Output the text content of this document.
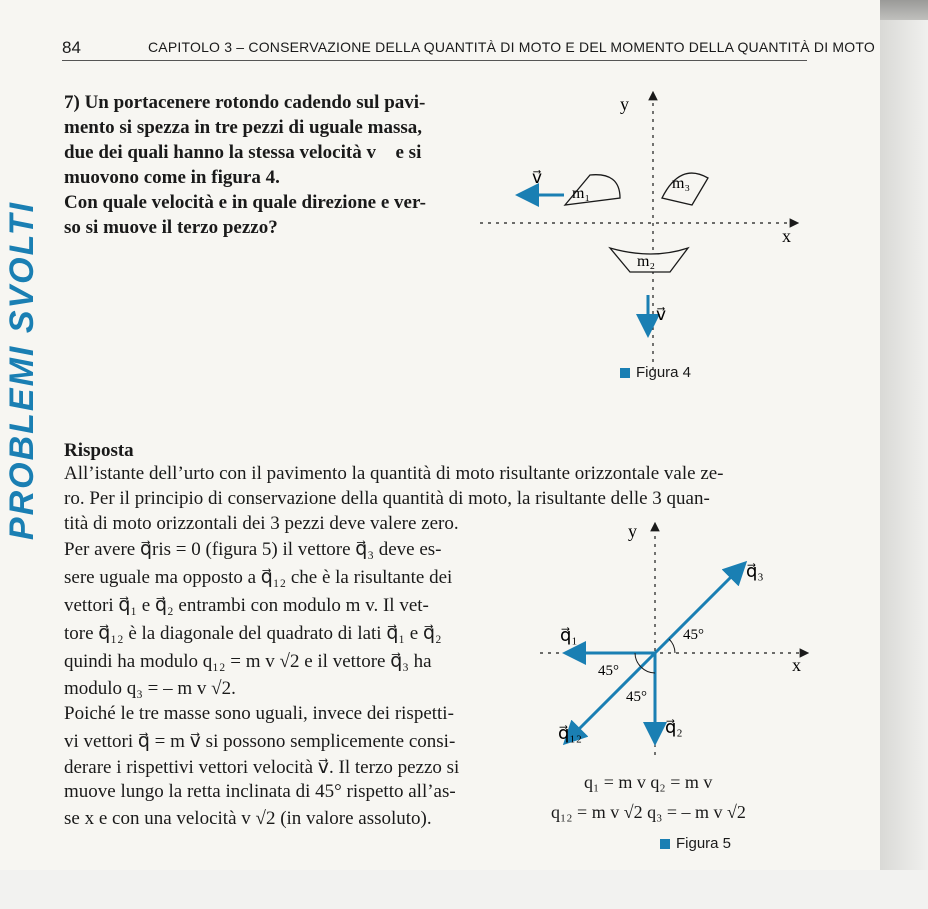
84	CAPITOLO 3 – CONSERVAZIONE DELLA QUANTITÀ DI MOTO E DEL MOMENTO DELLA QUANTITÀ DI MOTO
PROBLEMI SVOLTI
7) Un portacenere rotondo cadendo sul pavi-
mento si spezza in tre pezzi di uguale massa,
due dei quali hanno la stessa velocità v⃗ e si
muovono come in figura 4.
Con quale velocità e in quale direzione e ver-
so si muove il terzo pezzo?
y
x
m₁
m₃
m₂
v⃗
v⃗
Figura 4
Risposta
All’istante dell’urto con il pavimento la quantità di moto risultante orizzontale vale ze-
ro. Per il principio di conservazione della quantità di moto, la risultante delle 3 quan-
tità di moto orizzontali dei 3 pezzi deve valere zero.
Per avere q⃗ris = 0 (figura 5) il vettore q⃗₃ deve es-
sere uguale ma opposto a q⃗₁₂ che è la risultante dei
vettori q⃗₁ e q⃗₂ entrambi con modulo m v. Il vet-
tore q⃗₁₂ è la diagonale del quadrato di lati q⃗₁ e q⃗₂
quindi ha modulo q₁₂ = m v √2 e il vettore q⃗₃ ha
modulo q₃ = – m v √2.
Poiché le tre masse sono uguali, invece dei rispetti-
vi vettori q⃗ = m v⃗ si possono semplicemente consi-
derare i rispettivi vettori velocità v⃗. Il terzo pezzo si
muove lungo la retta inclinata di 45° rispetto all’as-
se x e con una velocità v √2 (in valore assoluto).
y
x
q⃗₃
q⃗₁
q⃗₂
q⃗₁₂
45°
45°
45°
q₁ = m v q₂ = m v
q₁₂ = m v √2 q₃ = – m v √2
Figura 5
